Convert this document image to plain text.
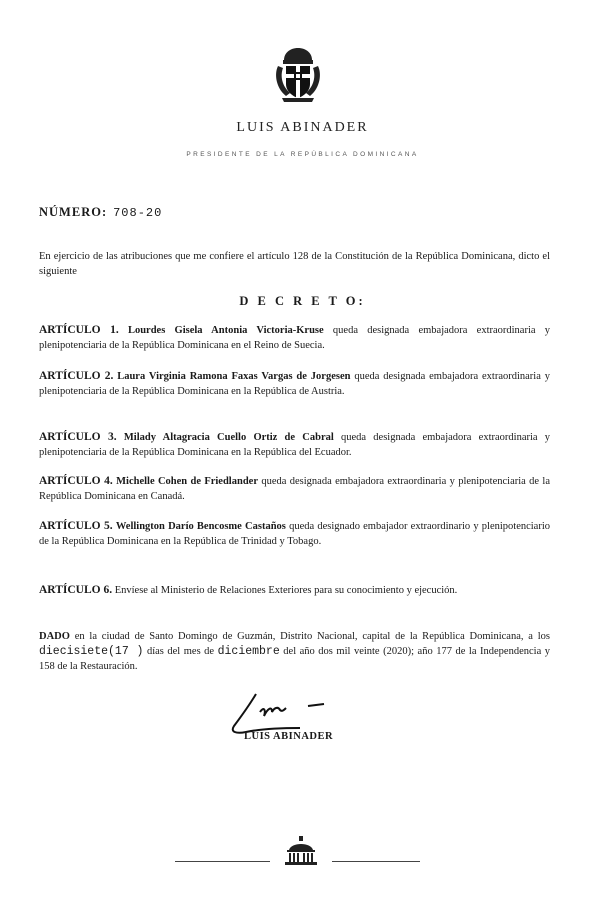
LUIS ABINADER
PRESIDENTE DE LA REPÚBLICA DOMINICANA
NÚMERO: 708-20
En ejercicio de las atribuciones que me confiere el artículo 128 de la Constitución de la República Dominicana, dicto el siguiente
D E C R E T O:
ARTÍCULO 1. Lourdes Gisela Antonia Victoria-Kruse queda designada embajadora extraordinaria y plenipotenciaria de la República Dominicana en el Reino de Suecia.
ARTÍCULO 2. Laura Virginia Ramona Faxas Vargas de Jorgesen queda designada embajadora extraordinaria y plenipotenciaria de la República Dominicana en la República de Austria.
ARTÍCULO 3. Milady Altagracia Cuello Ortiz de Cabral queda designada embajadora extraordinaria y plenipotenciaria de la República Dominicana en la República del Ecuador.
ARTÍCULO 4. Michelle Cohen de Friedlander queda designada embajadora extraordinaria y plenipotenciaria de la República Dominicana en Canadá.
ARTÍCULO 5. Wellington Darío Bencosme Castaños queda designado embajador extraordinario y plenipotenciario de la República Dominicana en la República de Trinidad y Tobago.
ARTÍCULO 6. Envíese al Ministerio de Relaciones Exteriores para su conocimiento y ejecución.
DADO en la ciudad de Santo Domingo de Guzmán, Distrito Nacional, capital de la República Dominicana, a los diecisiete(17 ) días del mes de diciembre del año dos mil veinte (2020); año 177 de la Independencia y 158 de la Restauración.
LUIS ABINADER
